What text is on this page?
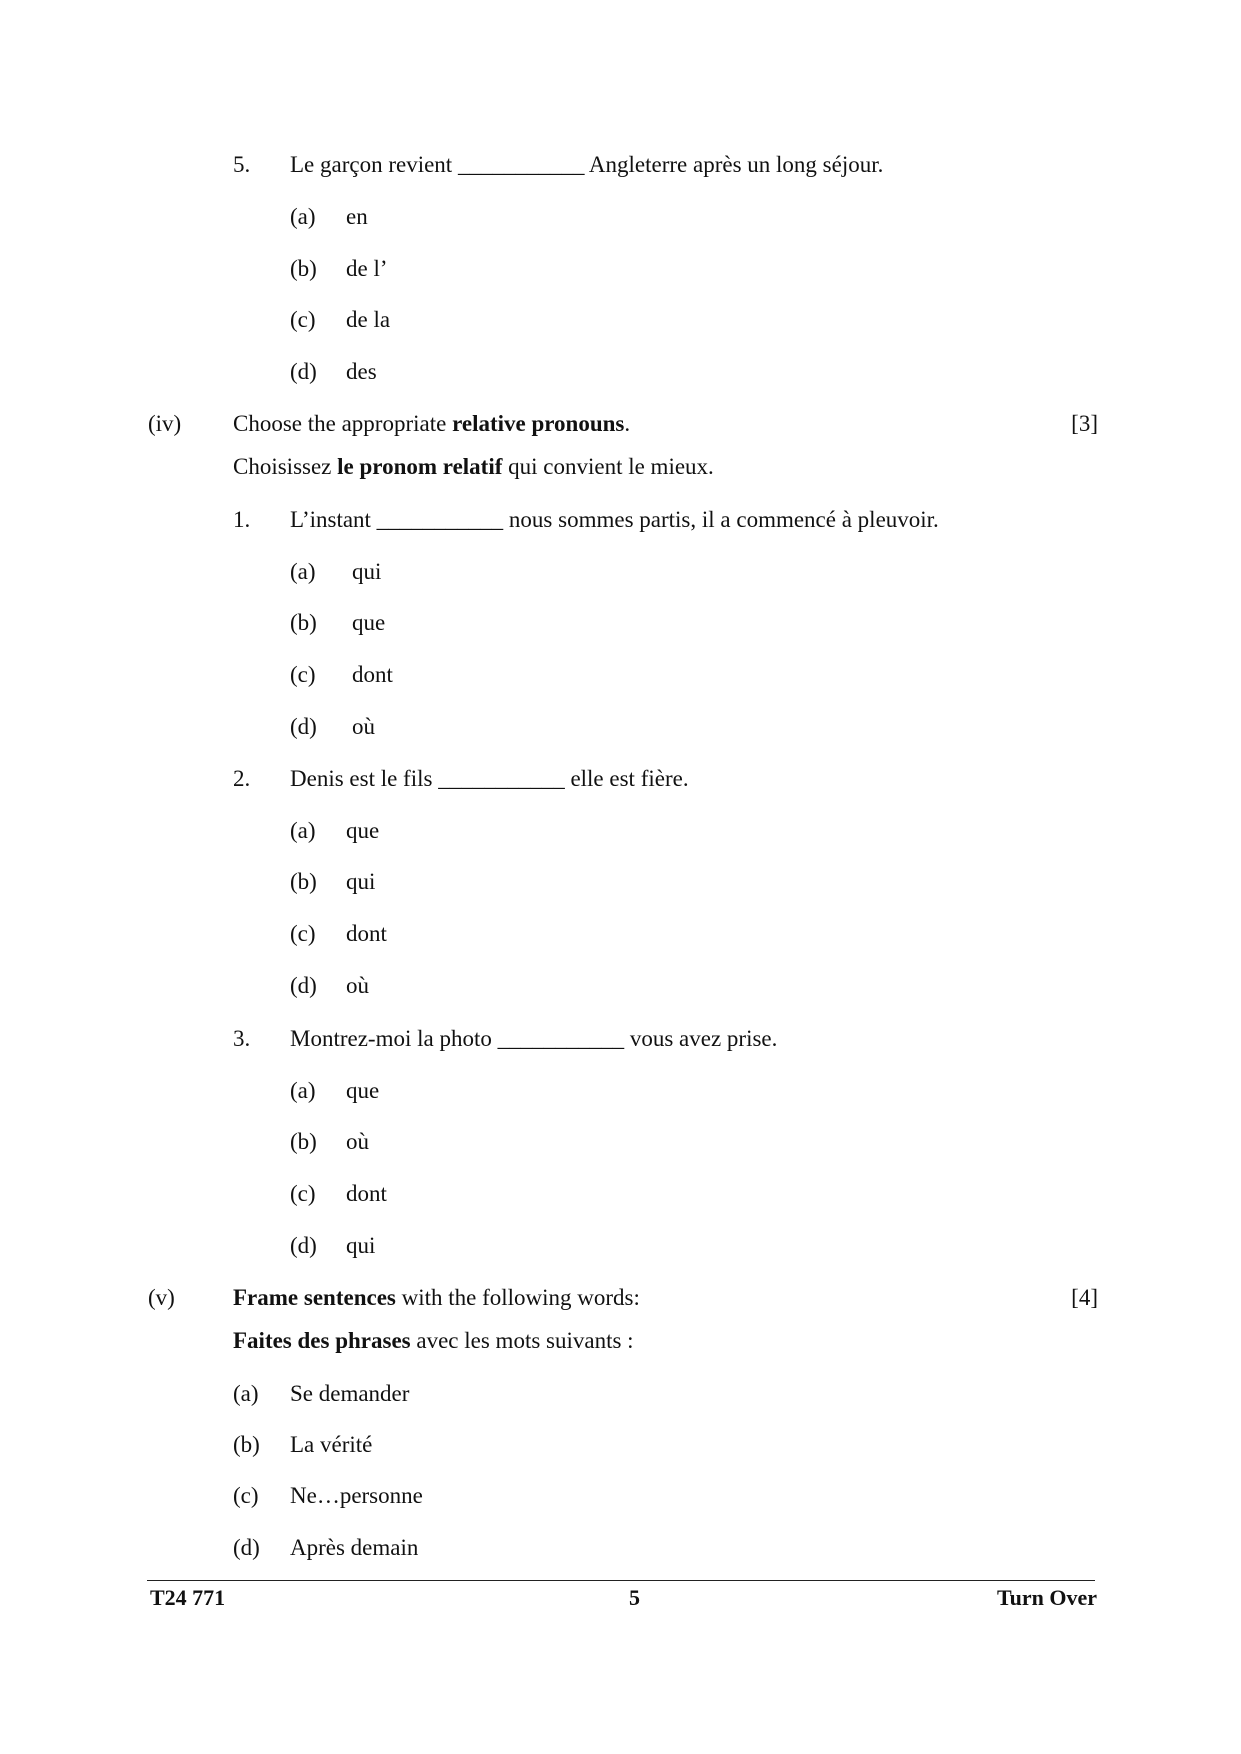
5. Le garçon revient ___________ Angleterre après un long séjour.
(a) en
(b) de l’
(c) de la
(d) des
(iv) Choose the appropriate relative pronouns.	[3]
Choisissez le pronom relatif qui convient le mieux.
1. L’instant ___________ nous sommes partis, il a commencé à pleuvoir.
(a) qui
(b) que
(c) dont
(d) où
2. Denis est le fils ___________ elle est fière.
(a) que
(b) qui
(c) dont
(d) où
3. Montrez-moi la photo ___________ vous avez prise.
(a) que
(b) où
(c) dont
(d) qui
(v)	Frame sentences with the following words:	[4]
Faites des phrases avec les mots suivants :
(a) Se demander
(b) La vérité
(c) Ne…personne
(d) Après demain
T24 771	5	Turn Over
